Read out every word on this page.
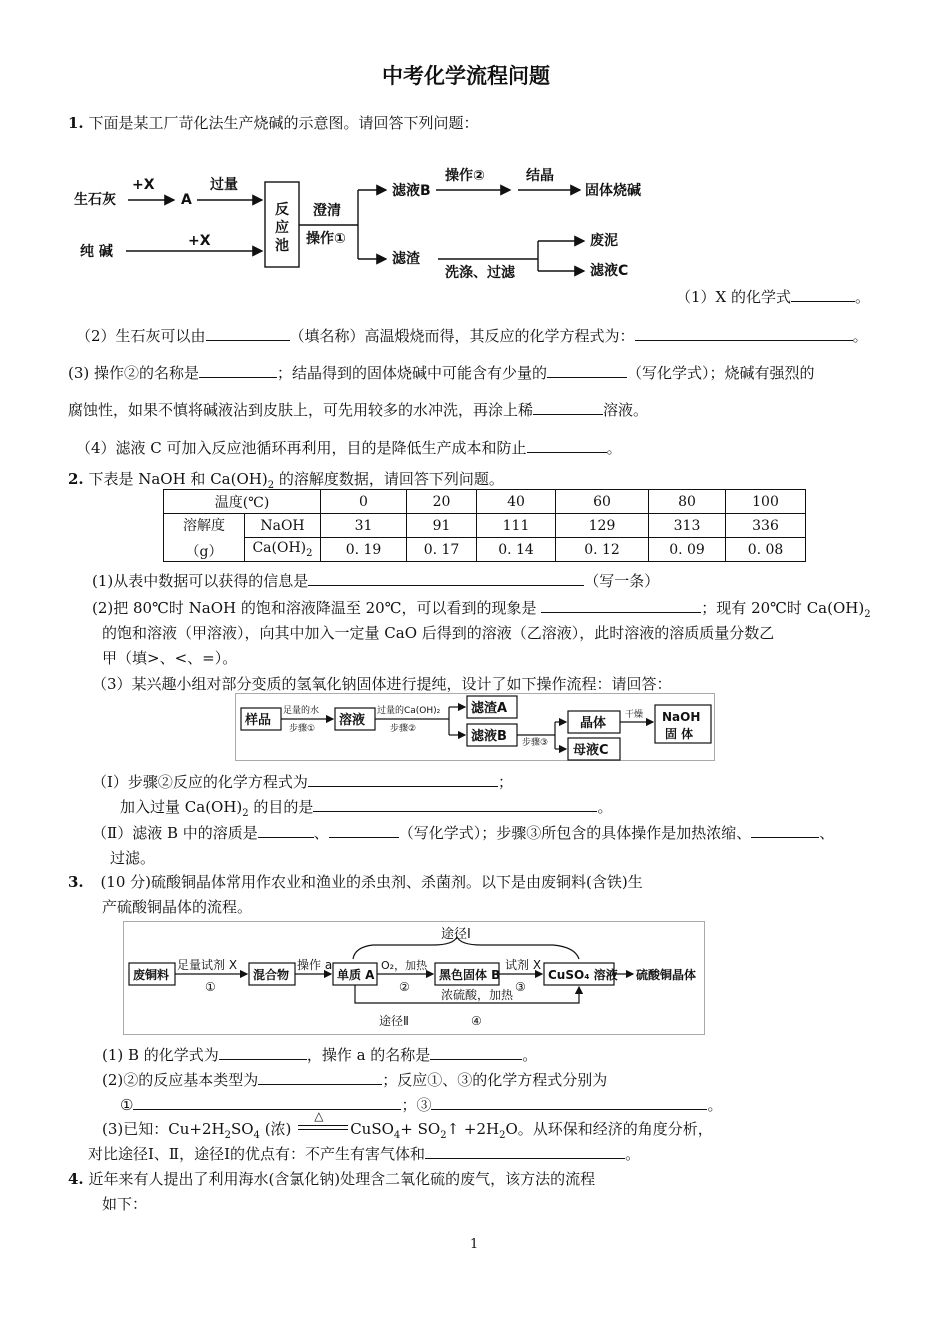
中考化学流程问题
1. 下面是某工厂苛化法生产烧碱的示意图。请回答下列问题：
生石灰
+X
A
过量
纯 碱
+X
反
应
池
澄清
操作①
滤液B
操作②	结晶
固体烧碱
滤渣
洗涤、过滤
废泥
滤液C
（1）X 的化学式	。
（2）生石灰可以由	（填名称）高温煅烧而得，其反应的化学方程式为：	。
(3) 操作②的名称是	；结晶得到的固体烧碱中可能含有少量的	（写化学式）；烧碱有强烈的
腐蚀性，如果不慎将碱液沾到皮肤上，可先用较多的水冲洗，再涂上稀	溶液。
（4）滤液 C 可加入反应池循环再利用，目的是降低生产成本和防止	。
2. 下表是 NaOH 和 $Ca(OH)_2$ 的溶解度数据，请回答下列问题。
温度(℃)		0	20	40	60	80	100

溶解度
（g）	NaOH	31	91	111	129	313	336
	$Ca(OH)_2$	0. 19	0. 17	0. 14	0. 12	0. 09	0. 08
(1)从表中数据可以获得的信息是	（写一条）
(2)把 80℃时 NaOH 的饱和溶液降温至 20℃，可以看到的现象是	；现有 20℃时 $Ca(OH)_2$
的饱和溶液（甲溶液），向其中加入一定量 CaO 后得到的溶液（乙溶液），此时溶液的溶质质量分数乙
甲（填>、<、=）。
（3）某兴趣小组对部分变质的氢氧化钠固体进行提纯，设计了如下操作流程：请回答：
样品
足量的水
步骤①
溶液
过量的Ca(OH)₂
步骤②
滤渣A
滤液B 步骤③
晶体
干燥
母液C
NaOH
固 体
（Ⅰ）步骤②反应的化学方程式为	；
加入过量 $Ca(OH)_2$ 的目的是	。
（Ⅱ）滤液 B 中的溶质是	、	（写化学式）；步骤③所包含的具体操作是加热浓缩、	、
过滤。
3. (10 分)硫酸铜晶体常用作农业和渔业的杀虫剂、杀菌剂。以下是由废铜料(含铁)生
产硫酸铜晶体的流程。
途径Ⅰ
废铜料
足量试剂 X
①
混合物
操作 a
单质 A
O₂，加热
②
黑色固体 B
试剂 X
③
CuSO₄ 溶液 硫酸铜晶体
浓硫酸，加热
途径Ⅱ	④
(1) B 的化学式为	，操作 a 的名称是	。
(2)②的反应基本类型为	；反应①、③的化学方程式分别为
①	；③	。
(3)已知：$Cu+2H_2SO_4$ (浓)
△
CuSO$_4$+ $SO_2↑ +2H_2O$。从环保和经济的角度分析，
对比途径Ⅰ、Ⅱ，途径Ⅰ的优点有：不产生有害气体和	。
4. 近年来有人提出了利用海水(含氯化钠)处理含二氧化硫的废气，该方法的流程
如下：
1
